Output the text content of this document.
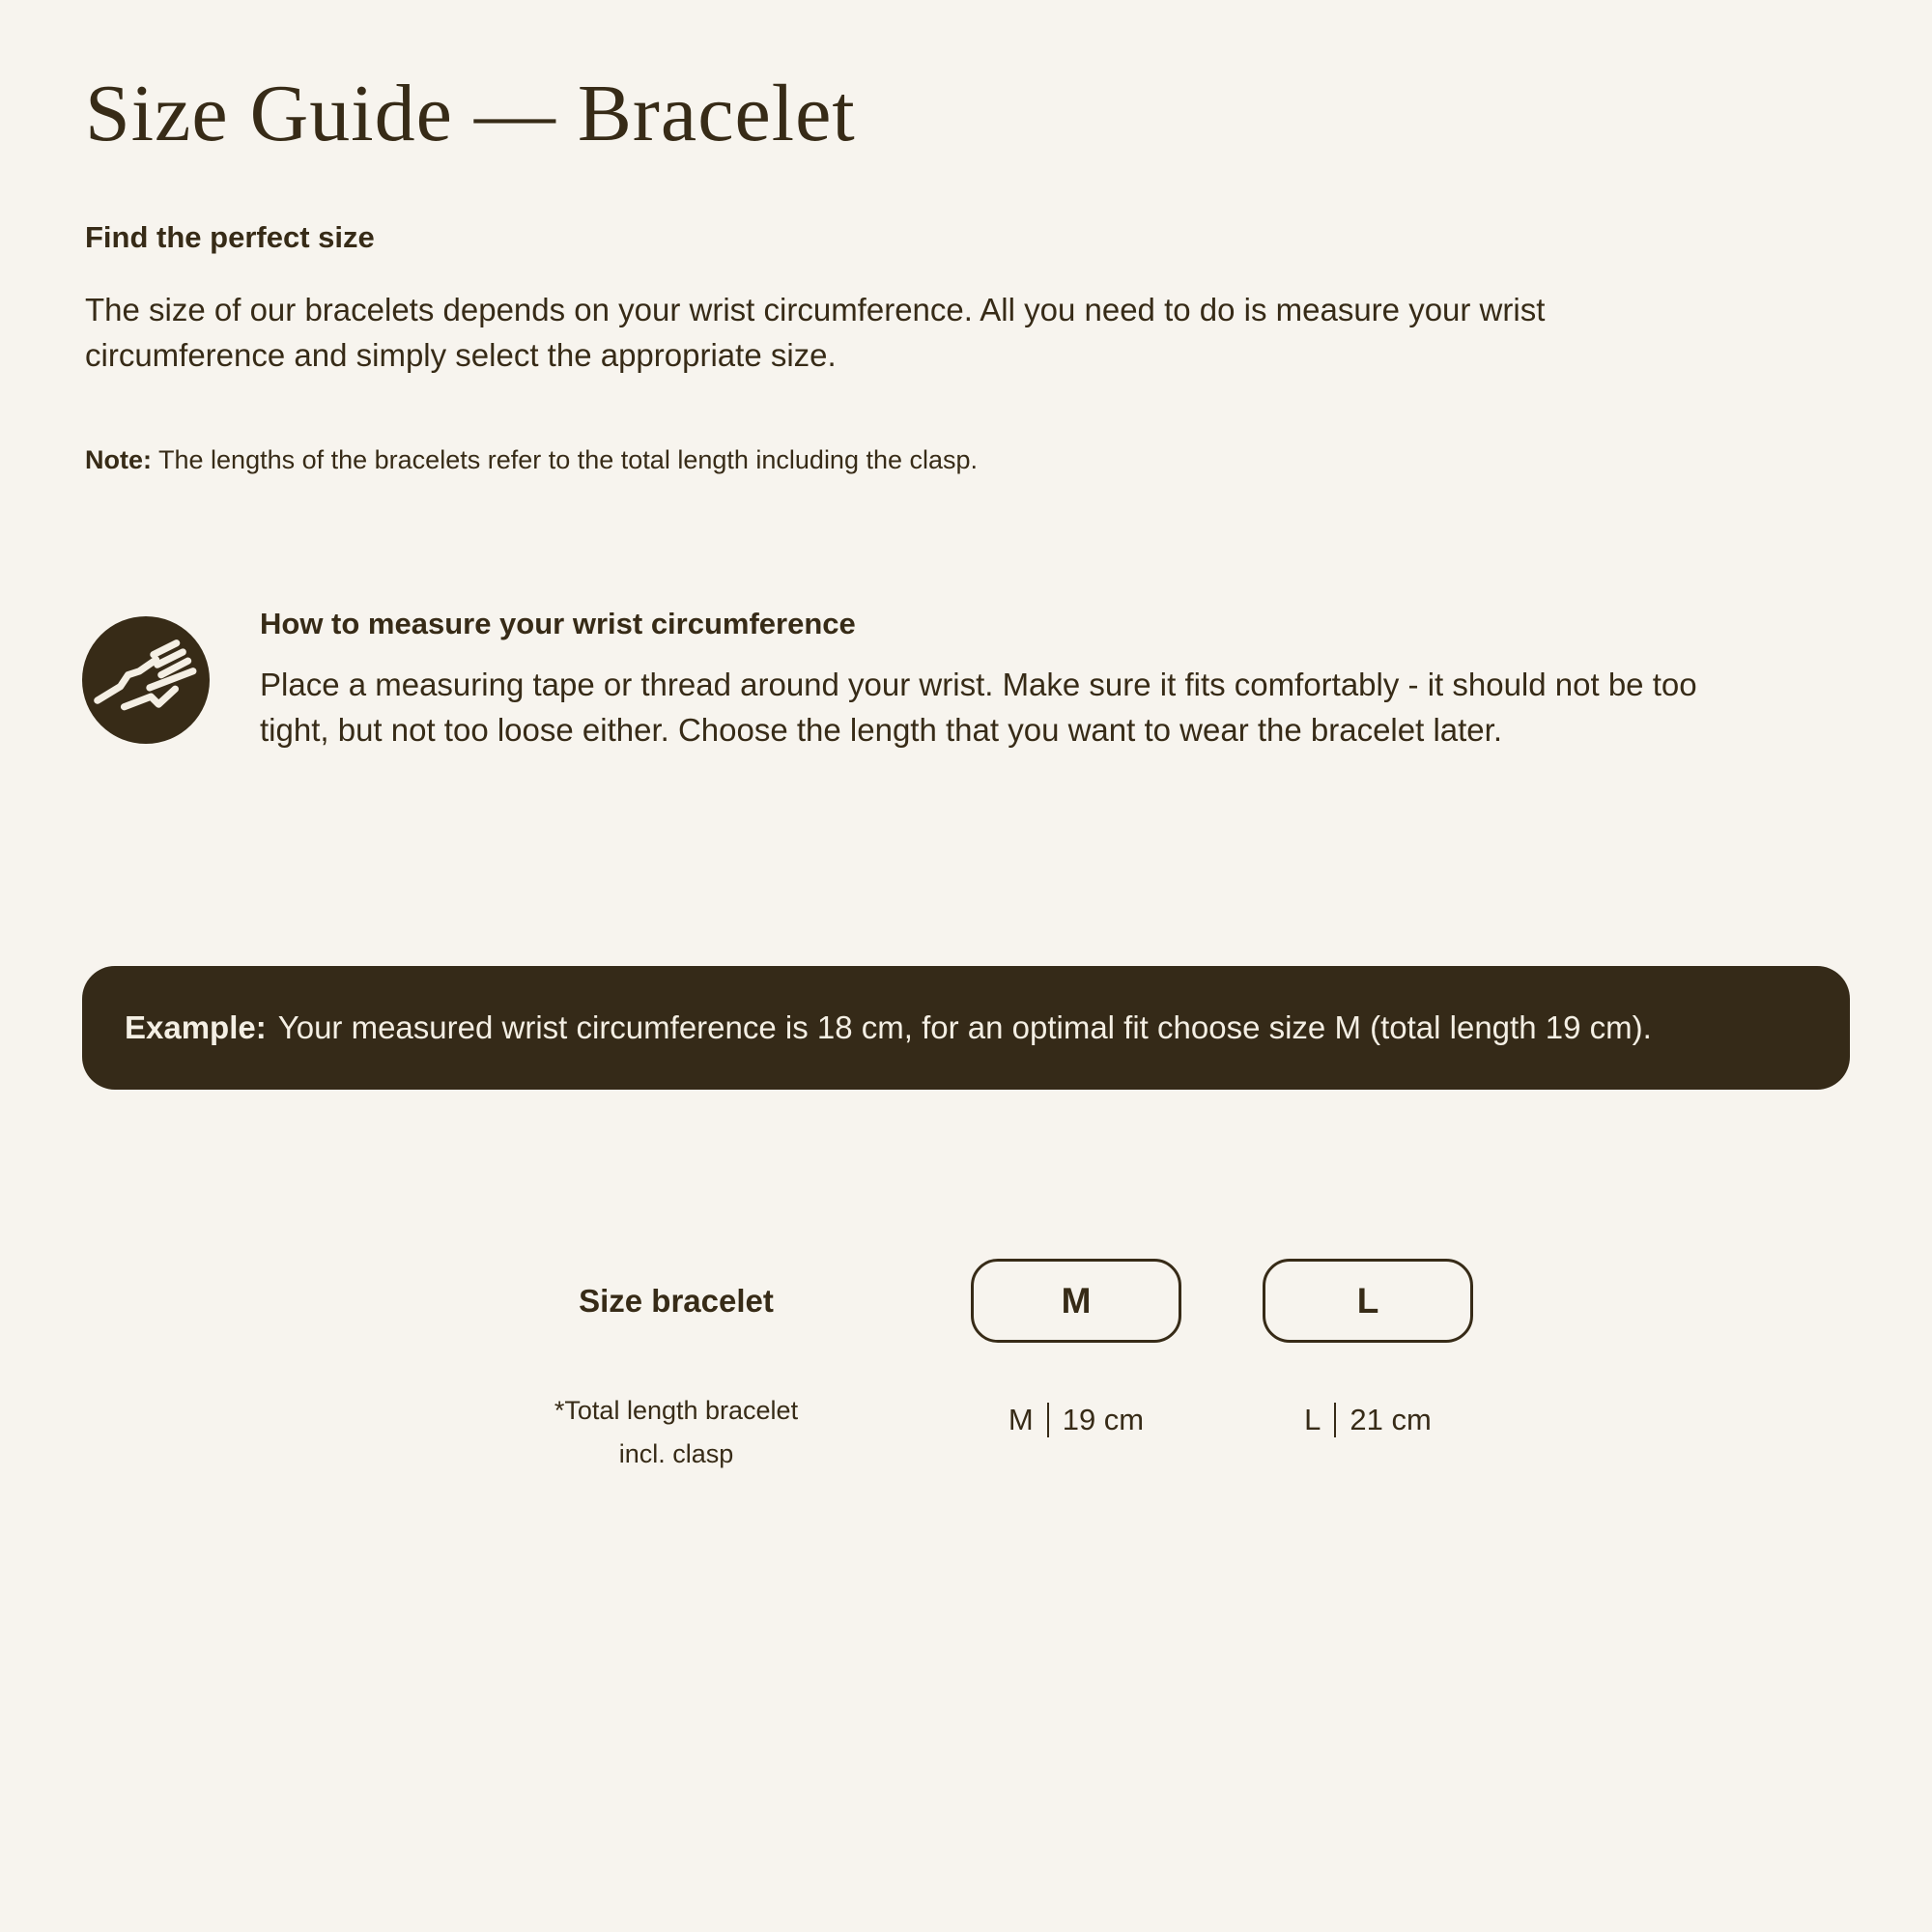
Size Guide — Bracelet
Find the perfect size

The size of our bracelets depends on your wrist circumference. All you need to do is measure your wrist circumference and simply select the appropriate size.

Note: The lengths of the bracelets refer to the total length including the clasp.

How to measure your wrist circumference

Place a measuring tape or thread around your wrist. Make sure it fits comfortably - it should not be too tight, but not too loose either. Choose the length that you want to wear the bracelet later.

Example: Your measured wrist circumference is 18 cm, for an optimal fit choose size M (total length 19 cm).
Size bracelet	M	L
*Total length bracelet
incl. clasp
M 19 cm	L 21 cm
